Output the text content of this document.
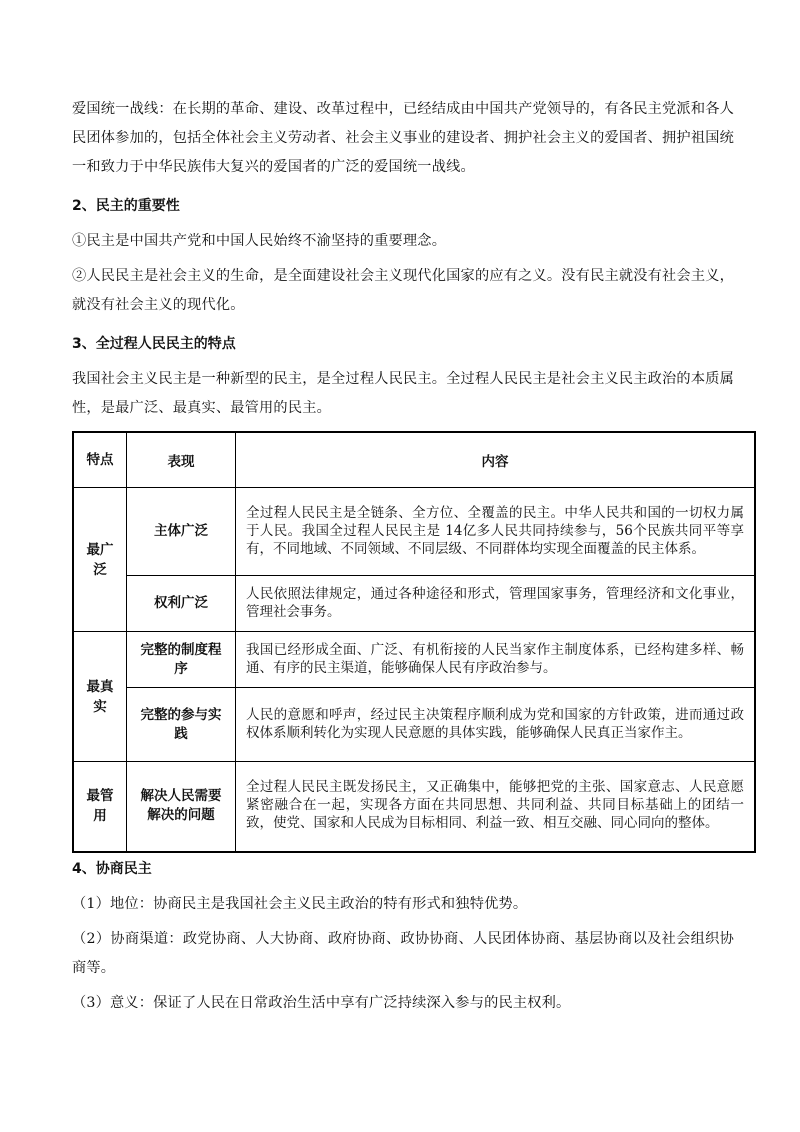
爱国统一战线：在长期的革命、建设、改革过程中，已经结成由中国共产党领导的，有各民主党派和各人民团体参加的，包括全体社会主义劳动者、社会主义事业的建设者、拥护社会主义的爱国者、拥护祖国统一和致力于中华民族伟大复兴的爱国者的广泛的爱国统一战线。

2、民主的重要性

①民主是中国共产党和中国人民始终不渝坚持的重要理念。

②人民民主是社会主义的生命，是全面建设社会主义现代化国家的应有之义。没有民主就没有社会主义，就没有社会主义的现代化。

3、全过程人民民主的特点

我国社会主义民主是一种新型的民主，是全过程人民民主。全过程人民民主是社会主义民主政治的本质属性，是最广泛、最真实、最管用的民主。

特点	表现	内容
最广泛	主体广泛	全过程人民民主是全链条、全方位、全覆盖的民主。中华人民共和国的一切权力属于人民。我国全过程人民民主是 14亿多人民共同持续参与，56个民族共同平等享有，不同地域、不同领域、不同层级、不同群体均实现全面覆盖的民主体系。
	权利广泛	人民依照法律规定，通过各种途径和形式，管理国家事务，管理经济和文化事业，管理社会事务。
最真实	完整的制度程序	我国已经形成全面、广泛、有机衔接的人民当家作主制度体系，已经构建多样、畅通、有序的民主渠道，能够确保人民有序政治参与。
	完整的参与实践	人民的意愿和呼声，经过民主决策程序顺利成为党和国家的方针政策，进而通过政权体系顺利转化为实现人民意愿的具体实践，能够确保人民真正当家作主。
最管用	解决人民需要解决的问题	全过程人民民主既发扬民主，又正确集中，能够把党的主张、国家意志、人民意愿紧密融合在一起，实现各方面在共同思想、共同利益、共同目标基础上的团结一致，使党、国家和人民成为目标相同、利益一致、相互交融、同心同向的整体。
4、协商民主

（1）地位：协商民主是我国社会主义民主政治的特有形式和独特优势。

（2）协商渠道：政党协商、人大协商、政府协商、政协协商、人民团体协商、基层协商以及社会组织协商等。

（3）意义：保证了人民在日常政治生活中享有广泛持续深入参与的民主权利。
